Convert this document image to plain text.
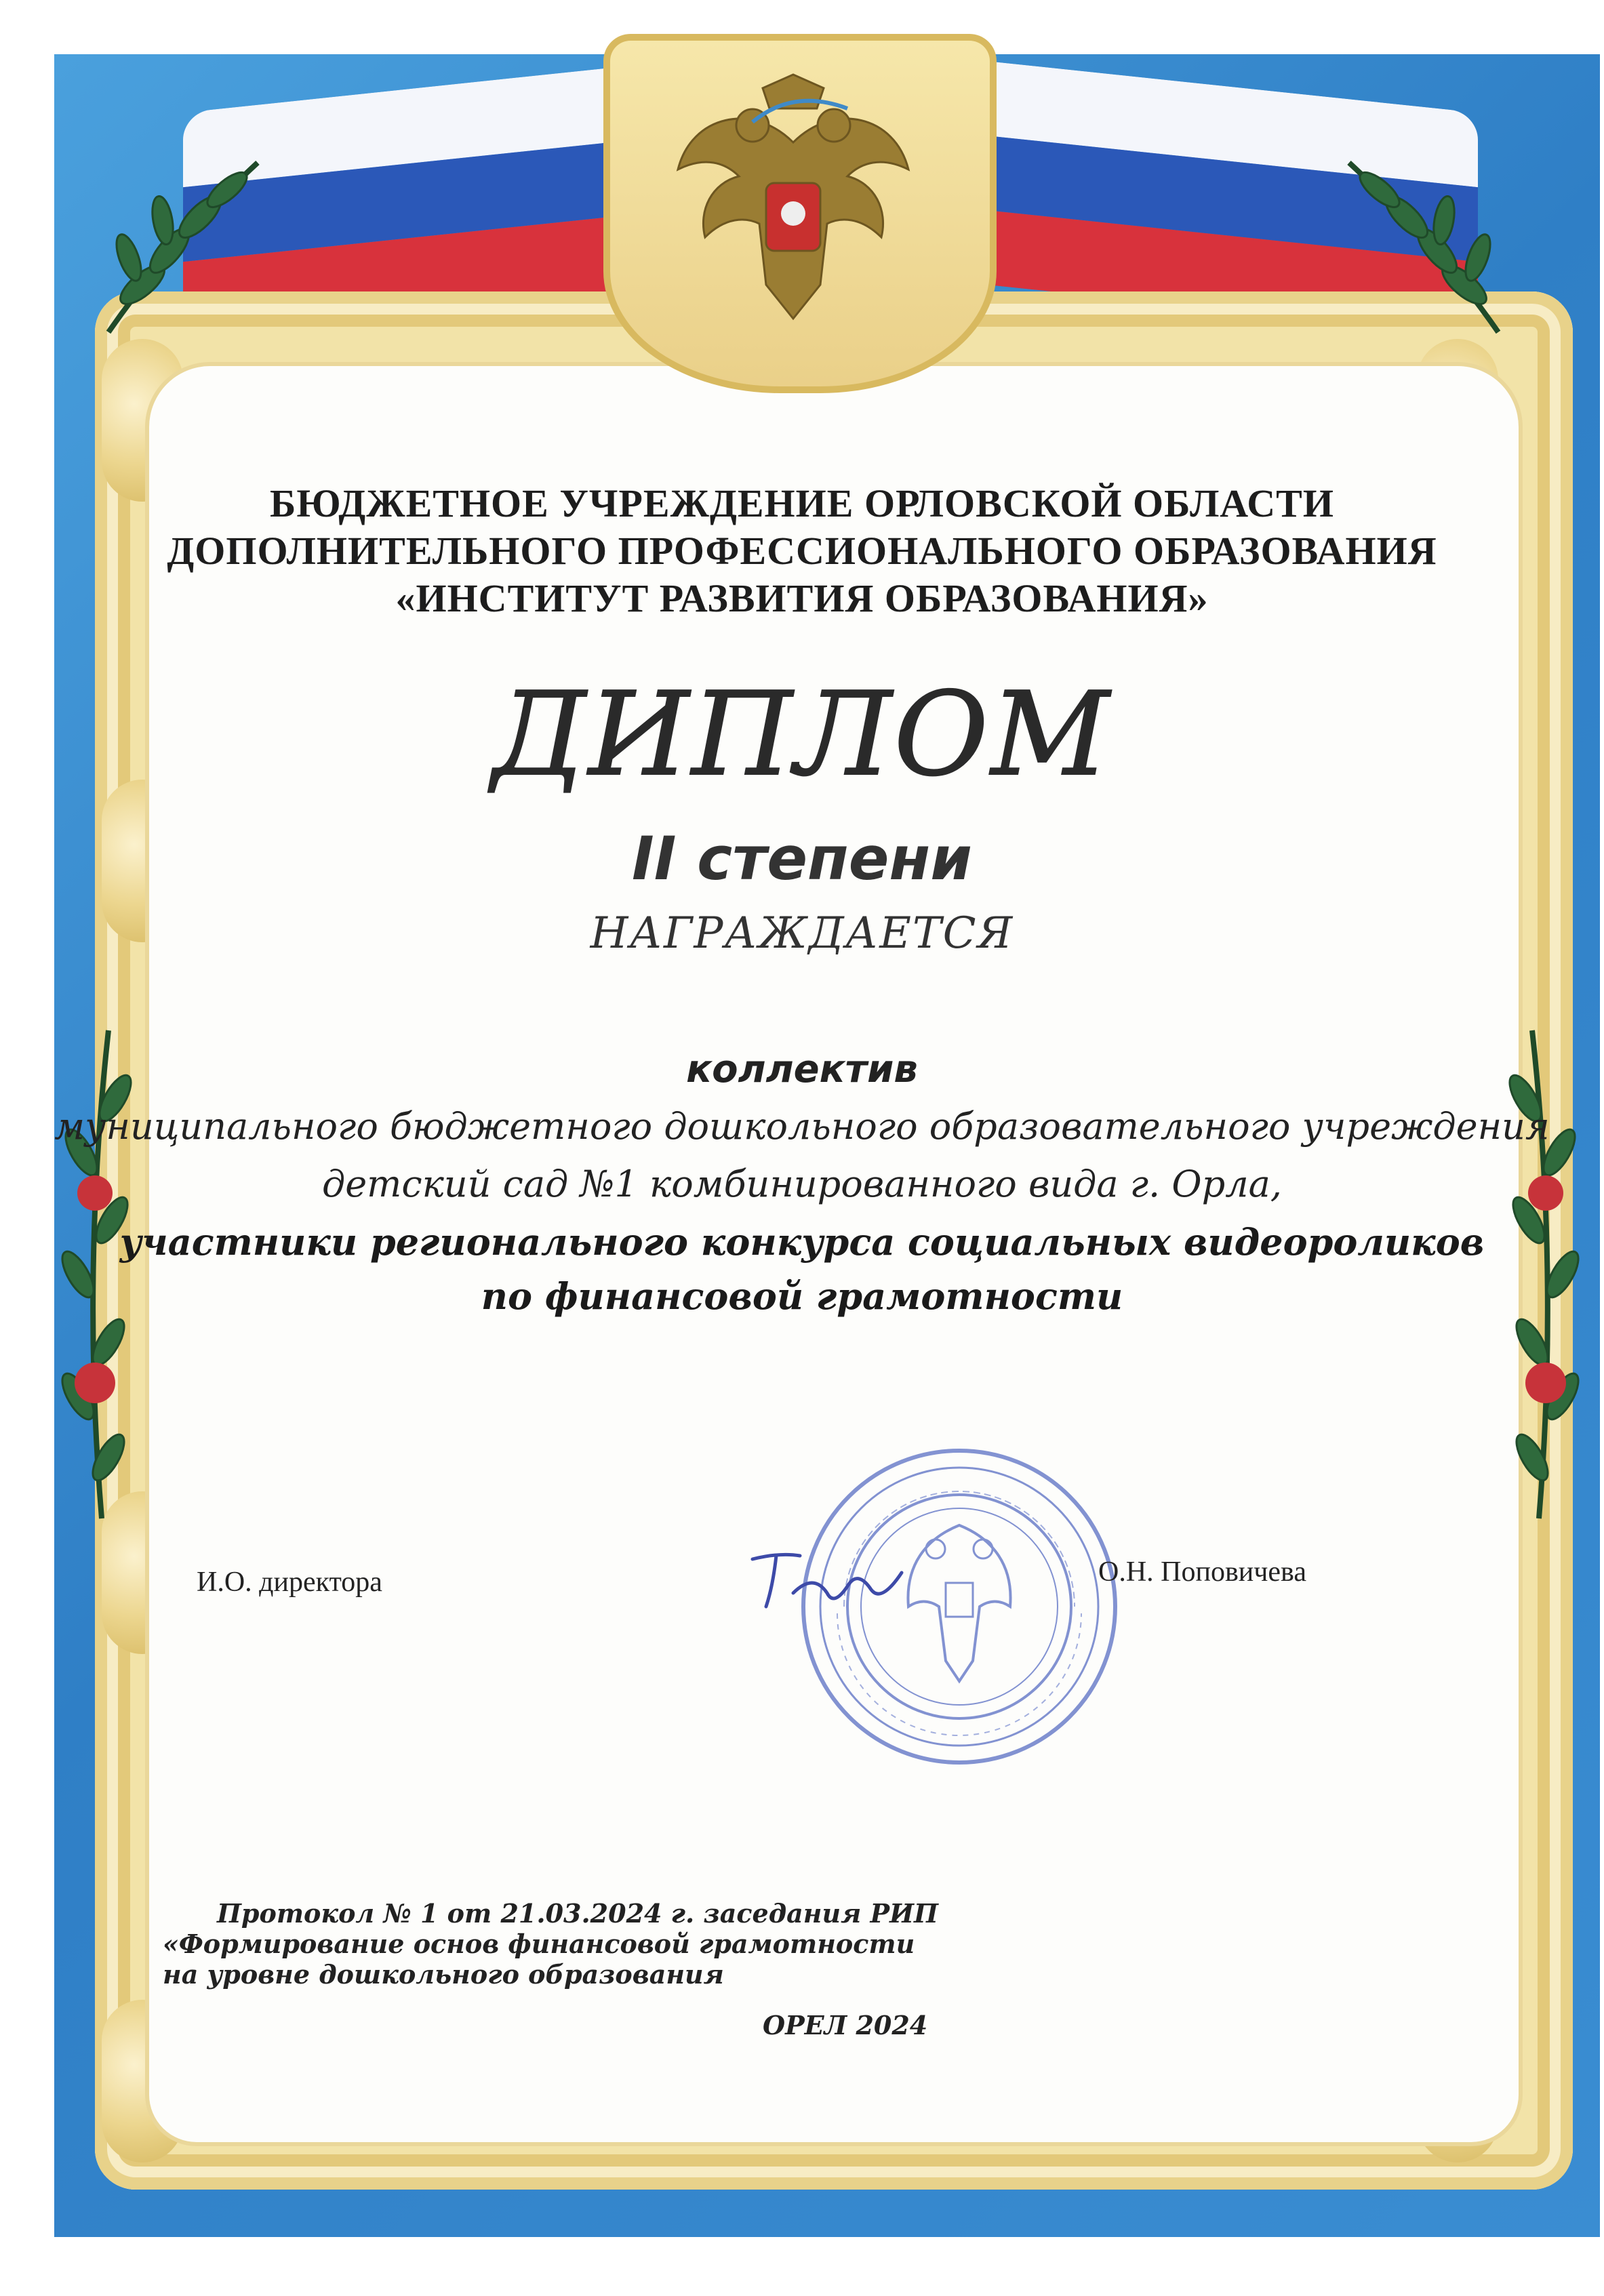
БЮДЖЕТНОЕ УЧРЕЖДЕНИЕ ОРЛОВСКОЙ ОБЛАСТИ
ДОПОЛНИТЕЛЬНОГО ПРОФЕССИОНАЛЬНОГО ОБРАЗОВАНИЯ
«ИНСТИТУТ РАЗВИТИЯ ОБРАЗОВАНИЯ»
ДИПЛОМ
II степени
НАГРАЖДАЕТСЯ
коллектив
муниципального бюджетного дошкольного образовательного учреждения
детский сад №1 комбинированного вида г. Орла,
участники регионального конкурса социальных видеороликов
по финансовой грамотности
И.О. директора	О.Н. Поповичева
Протокол № 1 от 21.03.2024 г. заседания РИП
«Формирование основ финансовой грамотности
на уровне дошкольного образования
ОРЕЛ 2024
